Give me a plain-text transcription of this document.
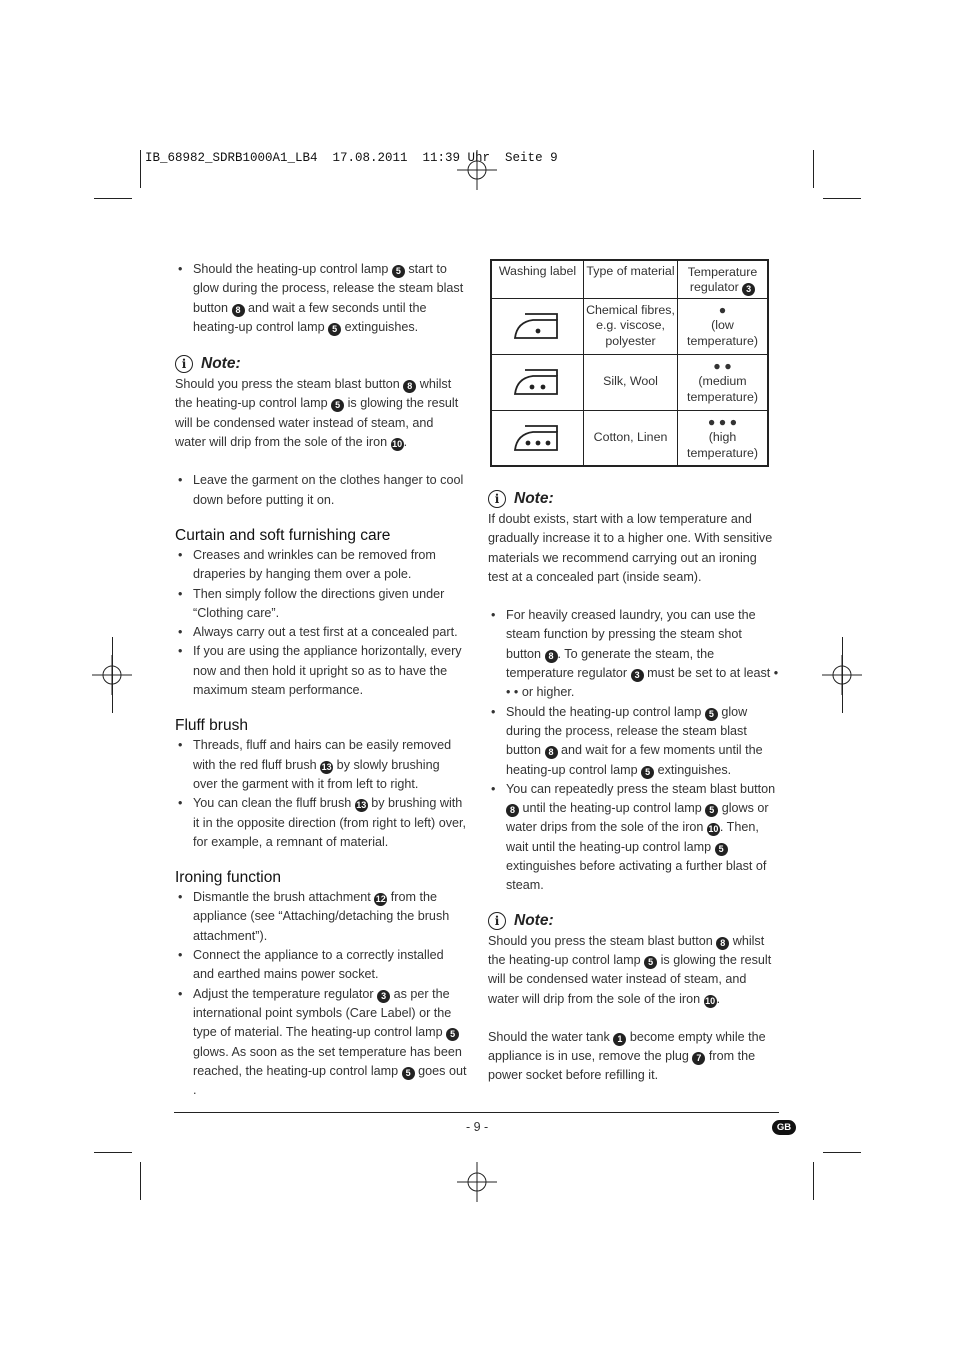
IB_68982_SDRB1000A1_LB4  17.08.2011  11:39 Uhr  Seite 9
• Should the heating-up control lamp 5 start to glow during the process, release the steam blast button 8 and wait a few seconds until the heating-up control lamp 5 extinguishes.
i Note:

Should you press the steam blast button 8 whilst the heating-up control lamp 5 is glowing the result will be condensed water instead of steam, and water will drip from the sole of the iron 10 .

• Leave the garment on the clothes hanger to cool down before putting it on.
Curtain and soft furnishing care
• Creases and wrinkles can be removed from draperies by hanging them over a pole.
• Then simply follow the directions given under “Clothing care”.
• Always carry out a test first at a concealed part.
• If you are using the appliance horizontally, every now and then hold it upright so as to have the maximum steam performance.
Fluff brush
• Threads, fluff and hairs can be easily removed with the red fluff brush 13 by slowly brushing over the garment with it from left to right.
• You can clean the fluff brush 13 by brushing with it in the opposite direction (from right to left) over, for example, a remnant of material.
Ironing function
• Dismantle the brush attachment 12 from the appliance (see “Attaching/detaching the brush attachment”).
• Connect the appliance to a correctly installed and earthed mains power socket.
• Adjust the temperature regulator 3 as per the international point symbols (Care Label) or the type of material. The heating-up control lamp 5 glows. As soon as the set temperature has been reached, the heating-up control lamp 5 goes out .
Washing label	Type of material	Temperature regulator 3
	Chemical fibres, e.g. viscose, polyester	●
(low temperature)

	Silk, Wool	● ●
(medium temperature)

	Cotton, Linen	● ● ●
(high temperature)
i Note:

If doubt exists, start with a low temperature and gradually increase it to a higher one. With sensitive materials we recommend carrying out an ironing test at a concealed part (inside seam).

• For heavily creased laundry, you can use the steam function by pressing the steam shot button 8 . To generate the steam, the temperature regulator 3 must be set to at least • • • or higher.
• Should the heating-up control lamp 5 glow during the process, release the steam blast button 8 and wait for a few moments until the heating-up control lamp 5 extinguishes.
• You can repeatedly press the steam blast button 8 until the heating-up control lamp 5 glows or water drips from the sole of the iron 10 . Then, wait until the heating-up control lamp 5 extinguishes before activating a further blast of steam.
i Note:

Should you press the steam blast button 8 whilst the heating-up control lamp 5 is glowing the result will be condensed water instead of steam, and water will drip from the sole of the iron 10 .

Should the water tank 1 become empty while the appliance is in use, remove the plug 7 from the power socket before refilling it.

- 9 -	GB
